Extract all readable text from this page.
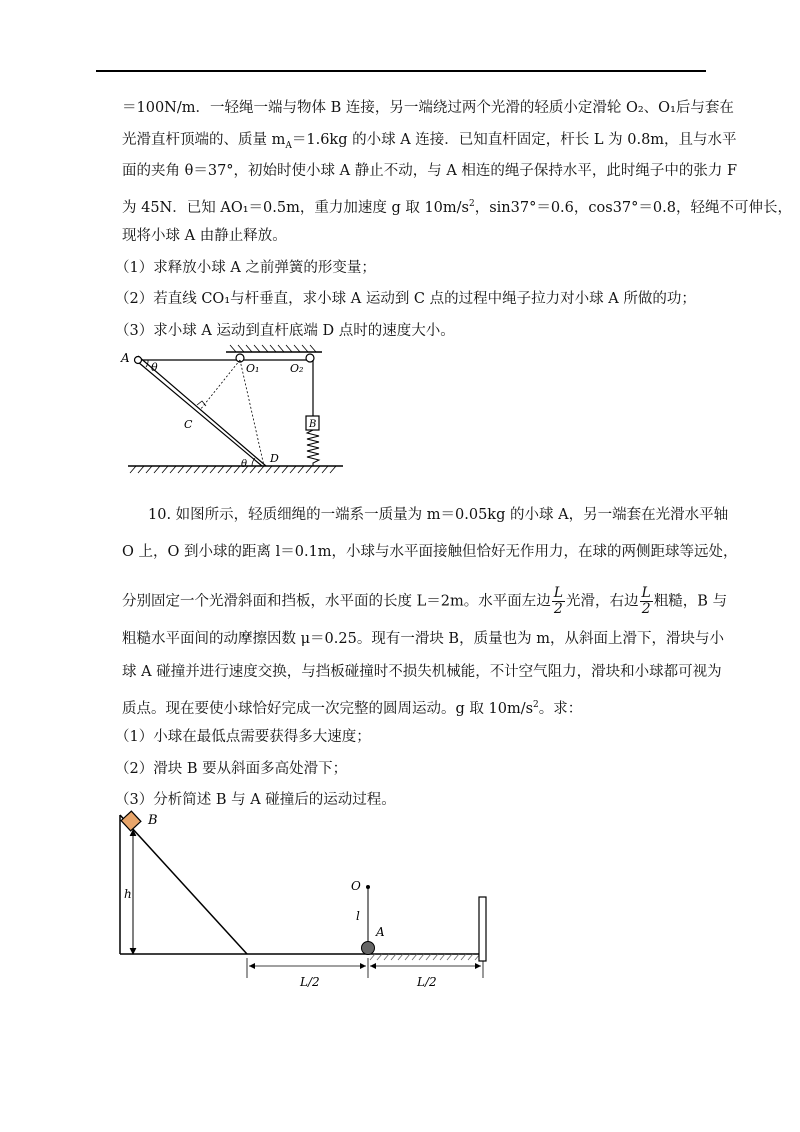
＝100N/m．一轻绳一端与物体 B 连接，另一端绕过两个光滑的轻质小定滑轮 O₂、O₁后与套在
光滑直杆顶端的、质量 $m_A=1.6kg$ 的小球 A 连接．已知直杆固定，杆长 L 为 0.8m，且与水平
面的夹角 θ＝37°，初始时使小球 A 静止不动，与 A 相连的绳子保持水平，此时绳子中的张力 F
为 45N．已知 AO₁＝0.5m，重力加速度 g 取 $10m/s^2$，sin37°＝0.6，cos37°＝0.8，轻绳不可伸长，
现将小球 A 由静止释放。
（1）求释放小球 A 之前弹簧的形变量；
（2）若直线 CO₁与杆垂直，求小球 A 运动到 C 点的过程中绳子拉力对小球 A 所做的功；
（3）求小球 A 运动到直杆底端 D 点时的速度大小。
A
θ	O₁	O₂
C	B
θ D
10. 如图所示，轻质细绳的一端系一质量为 m＝0.05kg 的小球 A，另一端套在光滑水平轴
O 上，O 到小球的距离 l＝0.1m，小球与水平面接触但恰好无作用力，在球的两侧距球等远处，
分别固定一个光滑斜面和挡板，水平面的长度 L＝2m。水平面左边 $\frac{L}{2}$ 光滑，右边 $\frac{L}{2}$ 粗糙，B 与
粗糙水平面间的动摩擦因数 μ＝0.25。现有一滑块 B，质量也为 m，从斜面上滑下，滑块与小
球 A 碰撞并进行速度交换，与挡板碰撞时不损失机械能，不计空气阻力，滑块和小球都可视为
质点。现在要使小球恰好完成一次完整的圆周运动。g 取 $10m/s^2$。求：
（1）小球在最低点需要获得多大速度；
（2）滑块 B 要从斜面多高处滑下；
（3）分析简述 B 与 A 碰撞后的运动过程。
B
h
O
l
A
L/2	L/2
